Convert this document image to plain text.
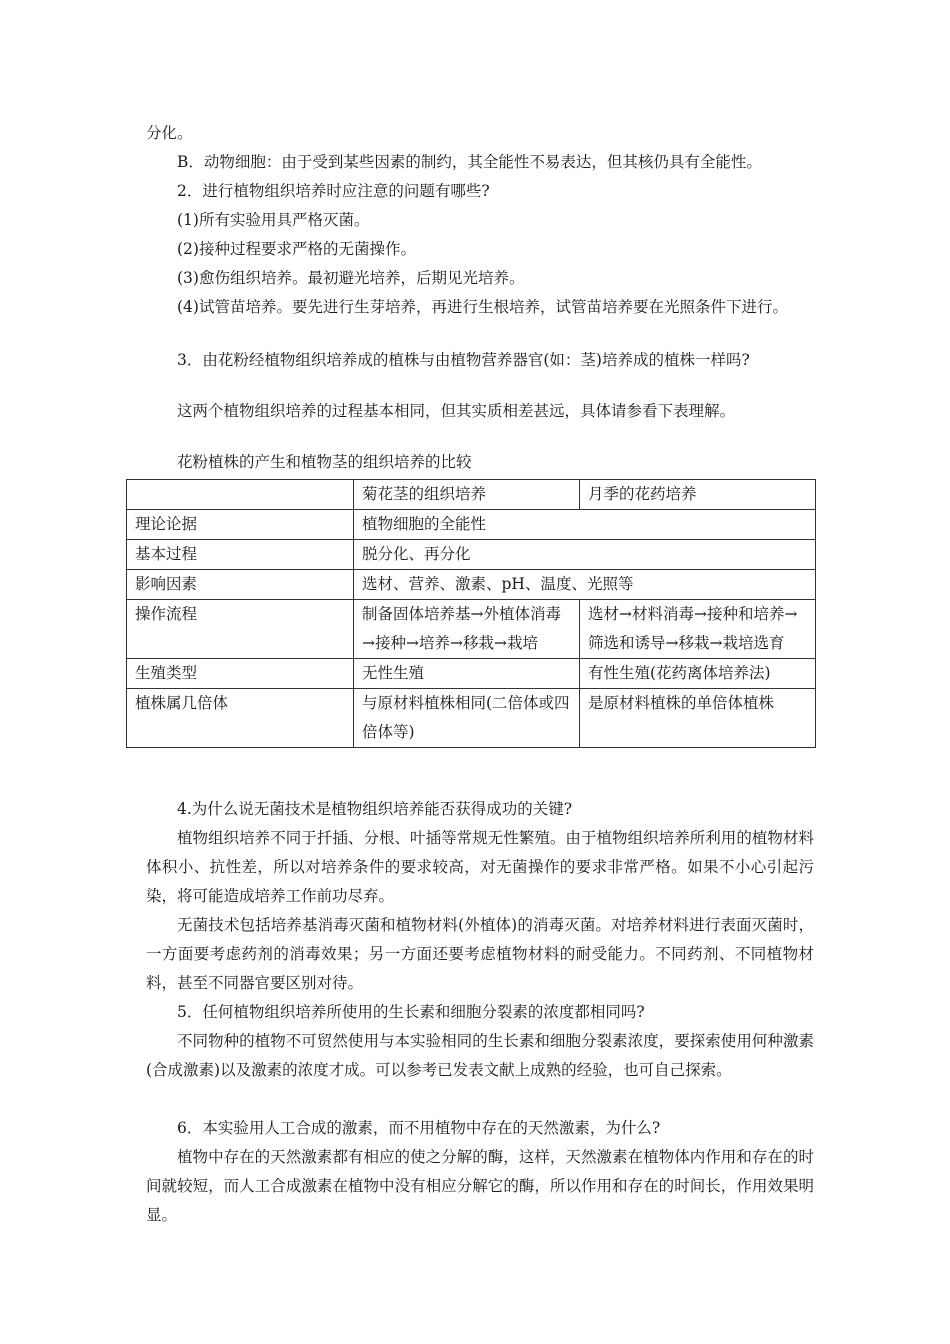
分化。

B．动物细胞：由于受到某些因素的制约，其全能性不易表达，但其核仍具有全能性。

2．进行植物组织培养时应注意的问题有哪些?

(1)所有实验用具严格灭菌。

(2)接种过程要求严格的无菌操作。

(3)愈伤组织培养。最初避光培养，后期见光培养。

(4)试管苗培养。要先进行生芽培养，再进行生根培养，试管苗培养要在光照条件下进行。

3．由花粉经植物组织培养成的植株与由植物营养器官(如：茎)培养成的植株一样吗?

这两个植物组织培养的过程基本相同，但其实质相差甚远，具体请参看下表理解。

花粉植株的产生和植物茎的组织培养的比较

	菊花茎的组织培养	月季的花药培养
理论论据	植物细胞的全能性	
基本过程	脱分化、再分化	
影响因素	选材、营养、激素、pH、温度、光照等	
操作流程	制备固体培养基→外植体消毒→接种→培养→移栽→栽培	选材→材料消毒→接种和培养→筛选和诱导→移栽→栽培选育
生殖类型	无性生殖	有性生殖(花药离体培养法)
植株属几倍体	与原材料植株相同(二倍体或四倍体等)	是原材料植株的单倍体植株

4.为什么说无菌技术是植物组织培养能否获得成功的关键?

植物组织培养不同于扦插、分根、叶插等常规无性繁殖。由于植物组织培养所利用的植物材料体积小、抗性差，所以对培养条件的要求较高，对无菌操作的要求非常严格。如果不小心引起污染，将可能造成培养工作前功尽弃。

无菌技术包括培养基消毒灭菌和植物材料(外植体)的消毒灭菌。对培养材料进行表面灭菌时，一方面要考虑药剂的消毒效果；另一方面还要考虑植物材料的耐受能力。不同药剂、不同植物材料，甚至不同器官要区别对待。

5．任何植物组织培养所使用的生长素和细胞分裂素的浓度都相同吗?

不同物种的植物不可贸然使用与本实验相同的生长素和细胞分裂素浓度，要探索使用何种激素(合成激素)以及激素的浓度才成。可以参考已发表文献上成熟的经验，也可自己探索。

6．本实验用人工合成的激素，而不用植物中存在的天然激素，为什么?

植物中存在的天然激素都有相应的使之分解的酶，这样，天然激素在植物体内作用和存在的时间就较短，而人工合成激素在植物中没有相应分解它的酶，所以作用和存在的时间长，作用效果明显。
